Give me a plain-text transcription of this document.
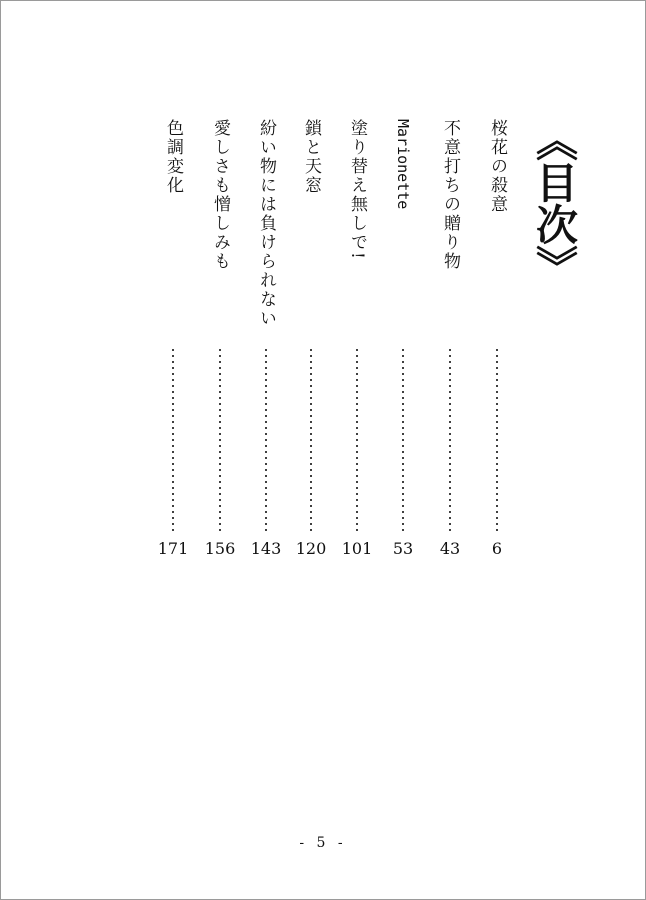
《目次》
桜花の殺意
6
不意打ちの贈り物
43
Marionette
53
塗り替え無しで!
101
鎖と天窓
120
紛い物には負けられない
143
愛しさも憎しみも
156
色調変化
171
- 5 -
